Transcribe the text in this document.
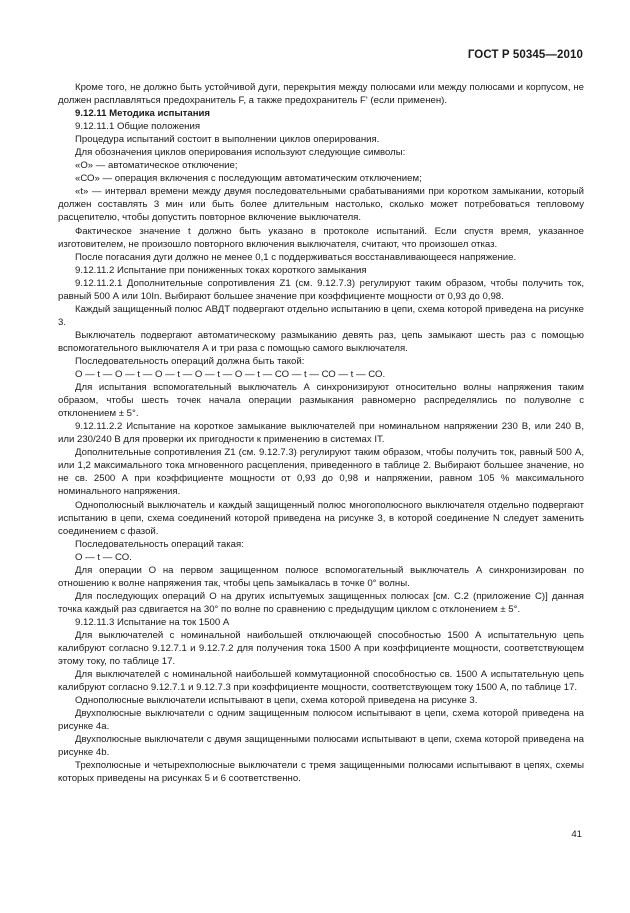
ГОСТ Р 50345—2010

Кроме того, не должно быть устойчивой дуги, перекрытия между полюсами или между полюсами и корпусом, не должен расплавляться предохранитель F, а также предохранитель F' (если применен).

9.12.11 Методика испытания

9.12.11.1 Общие положения

Процедура испытаний состоит в выполнении циклов оперирования.

Для обозначения циклов оперирования используют следующие символы:

«О» — автоматическое отключение;

«СО» — операция включения с последующим автоматическим отключением;

«t» — интервал времени между двумя последовательными срабатываниями при коротком замыкании, который должен составлять 3 мин или быть более длительным настолько, сколько может потребоваться тепловому расцепителю, чтобы допустить повторное включение выключателя.

Фактическое значение t должно быть указано в протоколе испытаний. Если спустя время, указанное изготовителем, не произошло повторного включения выключателя, считают, что произошел отказ.

После погасания дуги должно не менее 0,1 с поддерживаться восстанавливающееся напряжение.

9.12.11.2 Испытание при пониженных токах короткого замыкания

9.12.11.2.1 Дополнительные сопротивления Z1 (см. 9.12.7.3) регулируют таким образом, чтобы получить ток, равный 500 А или 10In. Выбирают большее значение при коэффициенте мощности от 0,93 до 0,98.

Каждый защищенный полюс АВДТ подвергают отдельно испытанию в цепи, схема которой приведена на рисунке 3.

Выключатель подвергают автоматическому размыканию девять раз, цепь замыкают шесть раз с помощью вспомогательного выключателя А и три раза с помощью самого выключателя.

Последовательность операций должна быть такой:

О — t — О — t — О — t — О — t — О — t — СО — t — СО — t — СО.

Для испытания вспомогательный выключатель А синхронизируют относительно волны напряжения таким образом, чтобы шесть точек начала операции размыкания равномерно распределялись по полуволне с отклонением ± 5°.

9.12.11.2.2 Испытание на короткое замыкание выключателей при номинальном напряжении 230 В, или 240 В, или 230/240 В для проверки их пригодности к применению в системах IT.

Дополнительные сопротивления Z1 (см. 9.12.7.3) регулируют таким образом, чтобы получить ток, равный 500 А, или 1,2 максимального тока мгновенного расцепления, приведенного в таблице 2. Выбирают большее значение, но не св. 2500 А при коэффициенте мощности от 0,93 до 0,98 и напряжении, равном 105 % максимального номинального напряжения.

Однополюсный выключатель и каждый защищенный полюс многополюсного выключателя отдельно подвергают испытанию в цепи, схема соединений которой приведена на рисунке 3, в которой соединение N следует заменить соединением с фазой.

Последовательность операций такая:

О — t — СО.

Для операции О на первом защищенном полюсе вспомогательный выключатель А синхронизирован по отношению к волне напряжения так, чтобы цепь замыкалась в точке 0° волны.

Для последующих операций О на других испытуемых защищенных полюсах [см. С.2 (приложение С)] данная точка каждый раз сдвигается на 30° по волне по сравнению с предыдущим циклом с отклонением ± 5°.

9.12.11.3 Испытание на ток 1500 А

Для выключателей с номинальной наибольшей отключающей способностью 1500 А испытательную цепь калибруют согласно 9.12.7.1 и 9.12.7.2 для получения тока 1500 А при коэффициенте мощности, соответствующем этому току, по таблице 17.

Для выключателей с номинальной наибольшей коммутационной способностью св. 1500 А испытательную цепь калибруют согласно 9.12.7.1 и 9.12.7.3 при коэффициенте мощности, соответствующем току 1500 А, по таблице 17.

Однополюсные выключатели испытывают в цепи, схема которой приведена на рисунке 3.

Двухполюсные выключатели с одним защищенным полюсом испытывают в цепи, схема которой приведена на рисунке 4а.

Двухполюсные выключатели с двумя защищенными полюсами испытывают в цепи, схема которой приведена на рисунке 4b.

Трехполюсные и четырехполюсные выключатели с тремя защищенными полюсами испытывают в цепях, схемы которых приведены на рисунках 5 и 6 соответственно.

41
